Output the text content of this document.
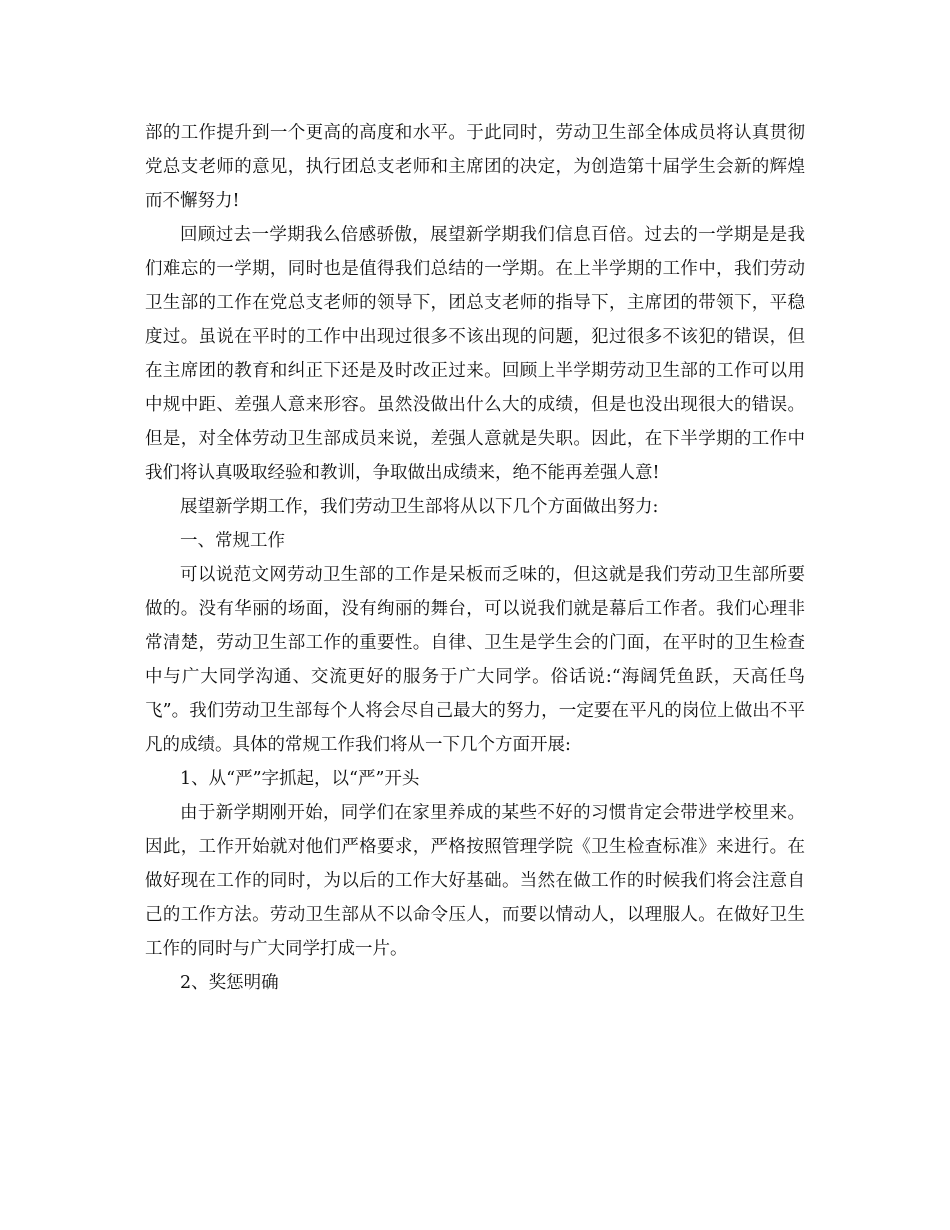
部的工作提升到一个更高的高度和水平。于此同时，劳动卫生部全体成员将认真贯彻党总支老师的意见，执行团总支老师和主席团的决定，为创造第十届学生会新的辉煌而不懈努力!

回顾过去一学期我么倍感骄傲，展望新学期我们信息百倍。过去的一学期是是我们难忘的一学期，同时也是值得我们总结的一学期。在上半学期的工作中，我们劳动卫生部的工作在党总支老师的领导下，团总支老师的指导下，主席团的带领下，平稳度过。虽说在平时的工作中出现过很多不该出现的问题，犯过很多不该犯的错误，但在主席团的教育和纠正下还是及时改正过来。回顾上半学期劳动卫生部的工作可以用中规中距、差强人意来形容。虽然没做出什么大的成绩，但是也没出现很大的错误。但是，对全体劳动卫生部成员来说，差强人意就是失职。因此，在下半学期的工作中我们将认真吸取经验和教训，争取做出成绩来，绝不能再差强人意!

展望新学期工作，我们劳动卫生部将从以下几个方面做出努力:

一、常规工作

可以说范文网劳动卫生部的工作是呆板而乏味的，但这就是我们劳动卫生部所要做的。没有华丽的场面，没有绚丽的舞台，可以说我们就是幕后工作者。我们心理非常清楚，劳动卫生部工作的重要性。自律、卫生是学生会的门面，在平时的卫生检查中与广大同学沟通、交流更好的服务于广大同学。俗话说:“海阔凭鱼跃，天高任鸟飞”。我们劳动卫生部每个人将会尽自己最大的努力，一定要在平凡的岗位上做出不平凡的成绩。具体的常规工作我们将从一下几个方面开展:

1、从“严”字抓起，以“严”开头

由于新学期刚开始，同学们在家里养成的某些不好的习惯肯定会带进学校里来。因此，工作开始就对他们严格要求，严格按照管理学院《卫生检查标准》来进行。在做好现在工作的同时，为以后的工作大好基础。当然在做工作的时候我们将会注意自己的工作方法。劳动卫生部从不以命令压人，而要以情动人，以理服人。在做好卫生工作的同时与广大同学打成一片。

2、奖惩明确
